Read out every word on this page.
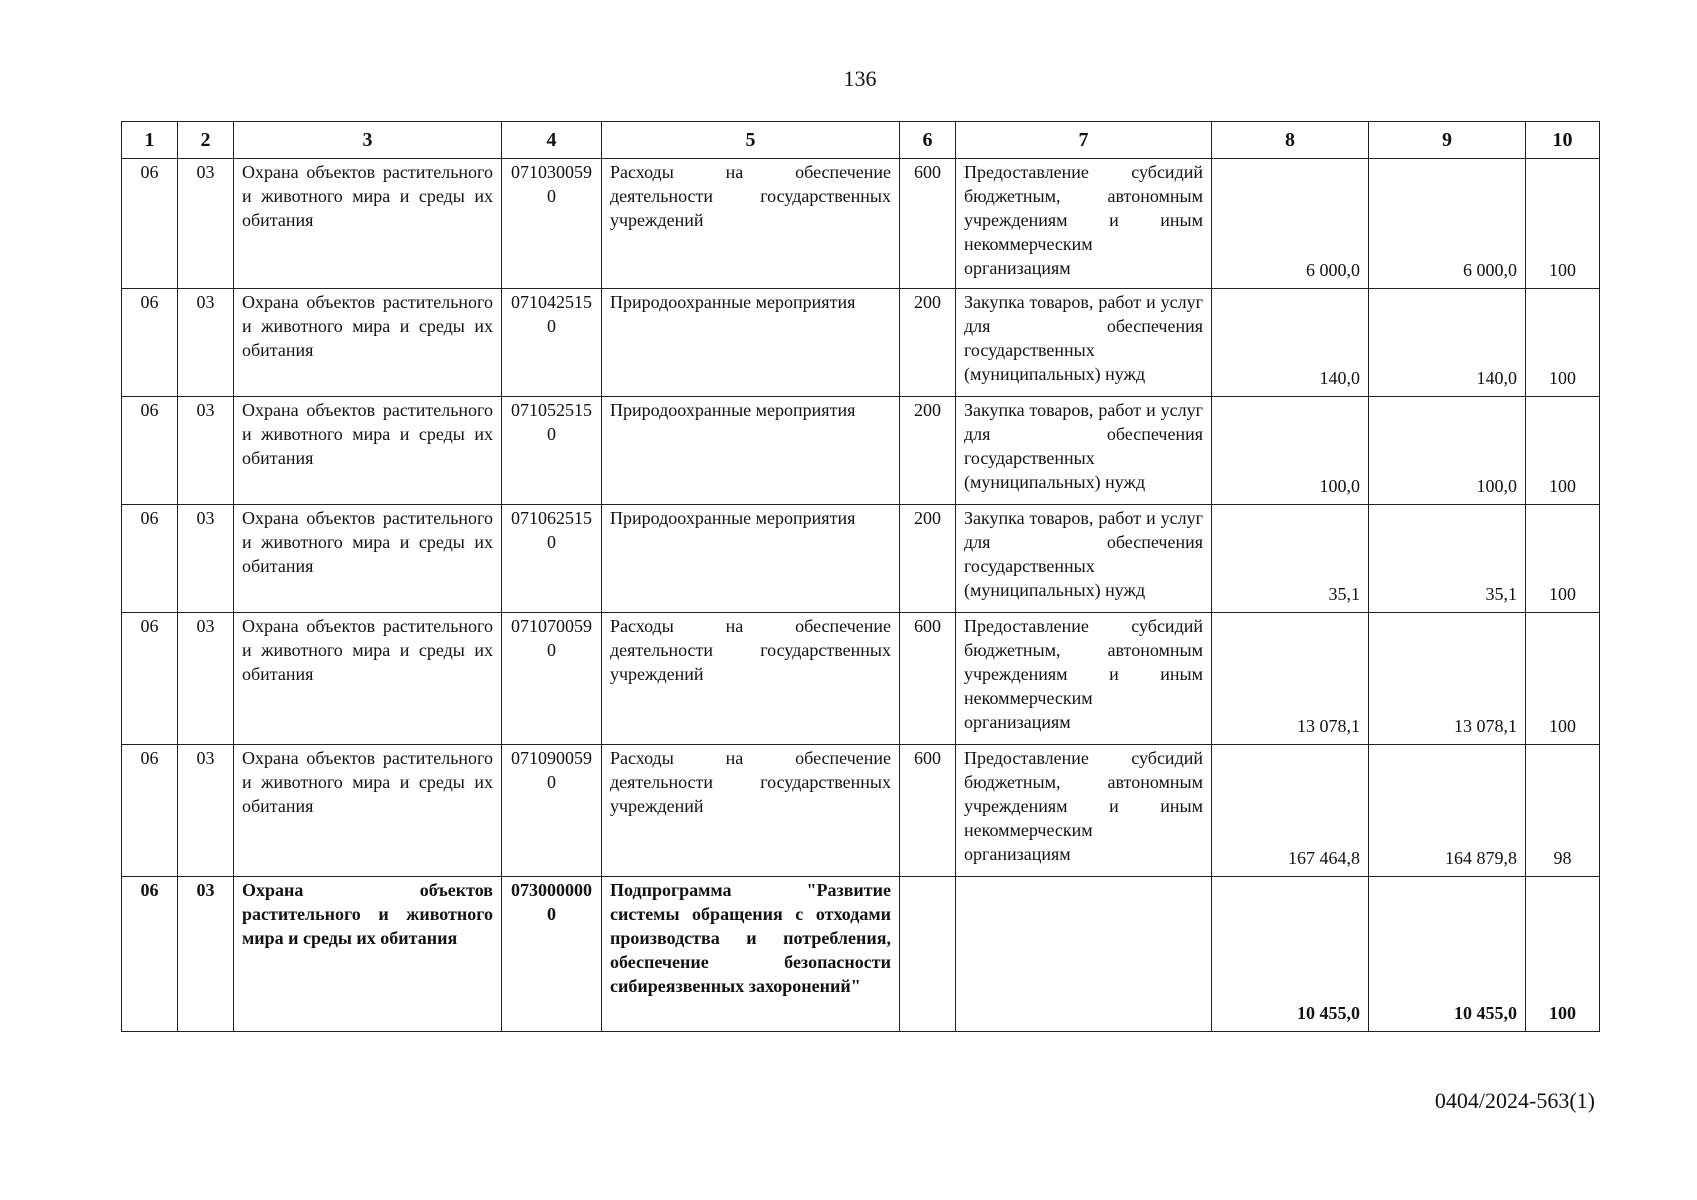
136
1	2	3	4	5	6	7	8	9	10
06	03	Охрана объектов растительного и животного мира и среды их обитания	0710300590	Расходы на обеспечение деятельности государственных учреждений	600	Предоставление субсидий бюджетным, автономным учреждениям и иным некоммерческим организациям	6 000,0	6 000,0	100
06	03	Охрана объектов растительного и животного мира и среды их обитания	0710425150	Природоохранные мероприятия	200	Закупка товаров, работ и услуг для обеспечения государственных (муниципальных) нужд	140,0	140,0	100
06	03	Охрана объектов растительного и животного мира и среды их обитания	0710525150	Природоохранные мероприятия	200	Закупка товаров, работ и услуг для обеспечения государственных (муниципальных) нужд	100,0	100,0	100
06	03	Охрана объектов растительного и животного мира и среды их обитания	0710625150	Природоохранные мероприятия	200	Закупка товаров, работ и услуг для обеспечения государственных (муниципальных) нужд	35,1	35,1	100
06	03	Охрана объектов растительного и животного мира и среды их обитания	0710700590	Расходы на обеспечение деятельности государственных учреждений	600	Предоставление субсидий бюджетным, автономным учреждениям и иным некоммерческим организациям	13 078,1	13 078,1	100
06	03	Охрана объектов растительного и животного мира и среды их обитания	0710900590	Расходы на обеспечение деятельности государственных учреждений	600	Предоставление субсидий бюджетным, автономным учреждениям и иным некоммерческим организациям	167 464,8	164 879,8	98
06	03	Охрана объектов растительного и животного мира и среды их обитания	0730000000	Подпрограмма "Развитие системы обращения с отходами производства и потребления, обеспечение безопасности сибиреязвенных захоронений"			10 455,0	10 455,0	100
0404/2024-563(1)
